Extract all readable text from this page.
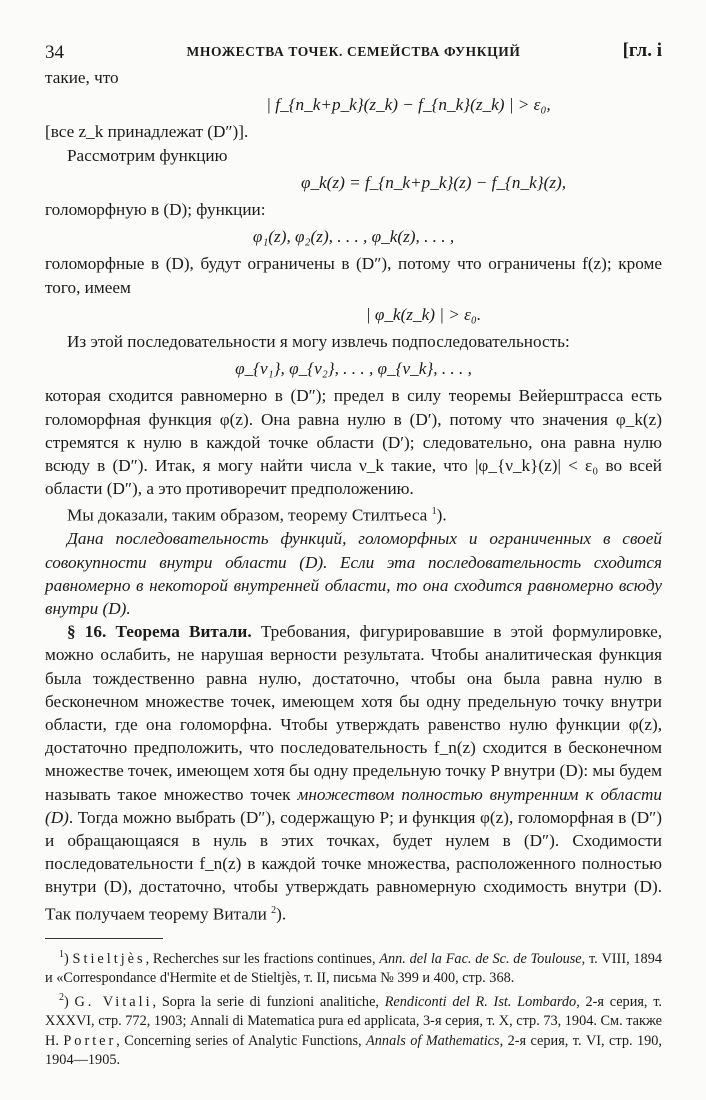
34	МНОЖЕСТВА ТОЧЕК. СЕМЕЙСТВА ФУНКЦИЙ	[гл. i

такие, что

| f_{n_k+p_k}(z_k) − f_{n_k}(z_k) | > ε₀,

[все z_k принадлежат (D″)].

Рассмотрим функцию

φ_k(z) = f_{n_k+p_k}(z) − f_{n_k}(z),

голоморфную в (D); функции:

φ₁(z), φ₂(z), . . . , φ_k(z), . . . ,

голоморфные в (D), будут ограничены в (D″), потому что ограничены f(z); кроме того, имеем

| φ_k(z_k) | > ε₀.

Из этой последовательности я могу извлечь подпоследовательность:

φ_{ν₁}, φ_{ν₂}, . . . , φ_{ν_k}, . . . ,

которая сходится равномерно в (D″); предел в силу теоремы Вейерштрасса есть голоморфная функция φ(z). Она равна нулю в (D′), потому что значения φ_k(z) стремятся к нулю в каждой точке области (D′); следовательно, она равна нулю всюду в (D″). Итак, я могу найти числа ν_k такие, что |φ_{ν_k}(z)| < ε₀ во всей области (D″), а это противоречит предположению.

Мы доказали, таким образом, теорему Стилтьеса $^1$).

Дана последовательность функций, голоморфных и ограниченных в своей совокупности внутри области (D). Если эта последовательность сходится равномерно в некоторой внутренней области, то она сходится равномерно всюду внутри (D).

§ 16. Теорема Витали. Требования, фигурировавшие в этой формулировке, можно ослабить, не нарушая верности результата. Чтобы аналитическая функция была тождественно равна нулю, достаточно, чтобы она была равна нулю в бесконечном множестве точек, имеющем хотя бы одну предельную точку внутри области, где она голоморфна. Чтобы утверждать равенство нулю функции φ(z), достаточно предположить, что последовательность f_n(z) сходится в бесконечном множестве точек, имеющем хотя бы одну предельную точку P внутри (D): мы будем называть такое множество точек множеством полностью внутренним к области (D). Тогда можно выбрать (D″), содержащую P; и функция φ(z), голоморфная в (D″) и обращающаяся в нуль в этих точках, будет нулем в (D″). Сходимости последовательности f_n(z) в каждой точке множества, расположенного полностью внутри (D), достаточно, чтобы утверждать равномерную сходимость внутри (D). Так получаем теорему Витали $^2$).

$^1$) Stieltjès, Recherches sur les fractions continues, Ann. del la Fac. de Sc. de Toulouse, т. VIII, 1894 и «Correspondance d'Hermite et de Stieltjès, т. II, письма № 399 и 400, стр. 368.

$^2$) G. Vitali, Sopra la serie di funzioni analitiche, Rendiconti del R. Ist. Lombardo, 2-я серия, т. XXXVI, стр. 772, 1903; Annali di Matematica pura ed applicata, 3-я серия, т. X, стр. 73, 1904. См. также H. Porter, Concerning series of Analytic Functions, Annals of Mathematics, 2-я серия, т. VI, стр. 190, 1904—1905.
